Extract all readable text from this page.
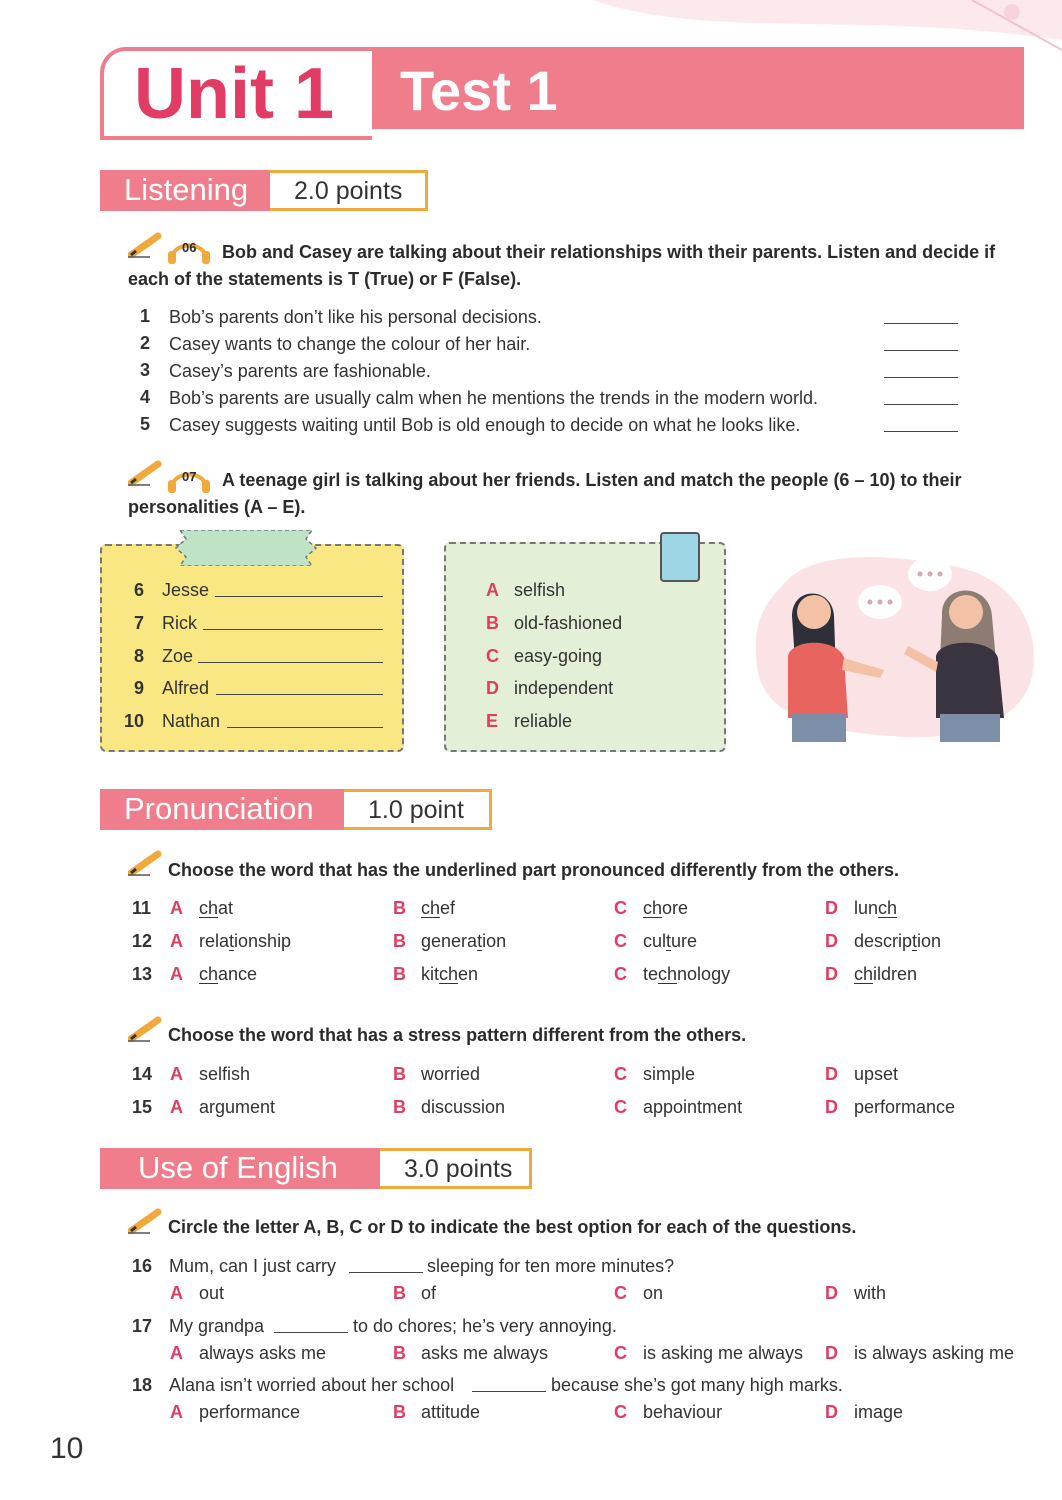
Unit 1 Test 1
Listening	2.0 points
06 Bob and Casey are talking about their relationships with their parents. Listen and decide if
each of the statements is T (True) or F (False).
1 Bob’s parents don’t like his personal decisions.
2 Casey wants to change the colour of her hair.
3 Casey’s parents are fashionable.
4 Bob’s parents are usually calm when he mentions the trends in the modern world.
5 Casey suggests waiting until Bob is old enough to decide on what he looks like.
07 A teenage girl is talking about her friends. Listen and match the people (6 – 10) to their
personalities (A – E).
6 Jesse
7 Rick
8 Zoe
9 Alfred
10 Nathan
A selfish
B old-fashioned
C easy-going
D independent
E reliable
Pronunciation	1.0 point
Choose the word that has the underlined part pronounced differently from the others.
11 A chat	B chef	C chore	D lunch
12 A relationship	B generation	C culture	D description
13 A chance	B kitchen	C technology	D children
Choose the word that has a stress pattern different from the others.
14 A selfish	B worried	C simple	D upset
15 A argument	B discussion	C appointment	D performance
Use of English	3.0 points
Circle the letter A, B, C or D to indicate the best option for each of the questions.
16 Mum, can I just carry	sleeping for ten more minutes?
A out	B of	C on	D with
17 My grandpa	to do chores; he’s very annoying.
A always asks me	B asks me always	C is asking me always D is always asking me
18 Alana isn’t worried about her school	because she’s got many high marks.
A performance	B attitude	C behaviour	D image
10
